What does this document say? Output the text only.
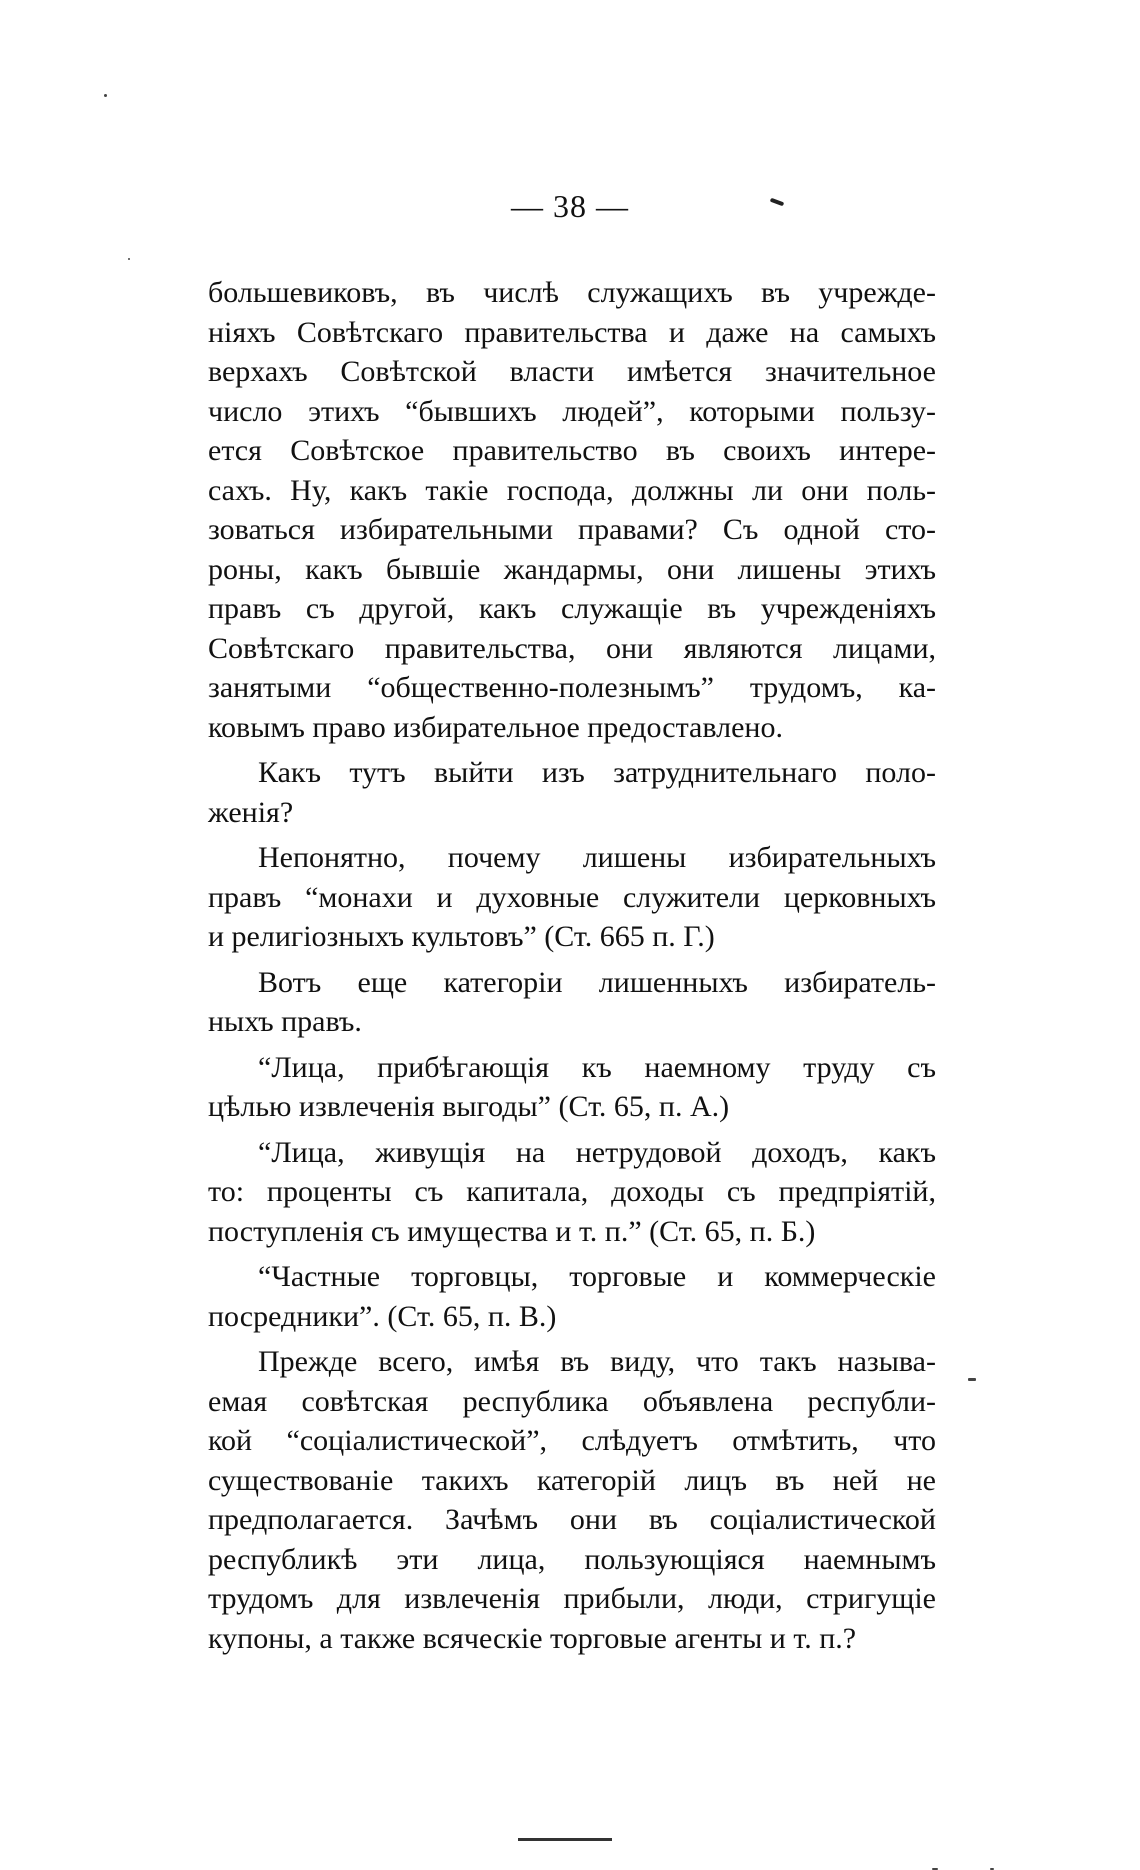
— 38 —

большевиковъ, въ числѣ служащихъ въ учрежде-
ніяхъ Совѣтскаго правительства и даже на самыхъ
верхахъ Совѣтской власти имѣется значительное
число этихъ “бывшихъ людей”, которыми пользу-
ется Совѣтское правительство въ своихъ интере-
сахъ. Ну, какъ такіе господа, должны ли они поль-
зоваться избирательными правами? Съ одной сто-
роны, какъ бывшіе жандармы, они лишены этихъ
правъ съ другой, какъ служащіе въ учрежденіяхъ
Совѣтскаго правительства, они являются лицами,
занятыми “общественно-полезнымъ” трудомъ, ка-
ковымъ право избирательное предоставлено.

Какъ тутъ выйти изъ затруднительнаго поло-
женія?

Непонятно, почему лишены избирательныхъ
правъ “монахи и духовные служители церковныхъ
и религіозныхъ культовъ” (Ст. 665 п. Г.)

Вотъ еще категоріи лишенныхъ избиратель-
ныхъ правъ.

“Лица, прибѣгающія къ наемному труду съ
цѣлью извлеченія выгоды” (Ст. 65, п. А.)

“Лица, живущія на нетрудовой доходъ, какъ
то: проценты съ капитала, доходы съ предпріятій,
поступленія съ имущества и т. п.” (Ст. 65, п. Б.)

“Частные торговцы, торговые и коммерческіе
посредники”. (Ст. 65, п. В.)

Прежде всего, имѣя въ виду, что такъ называ-
емая совѣтская республика объявлена республи-
кой “соціалистической”, слѣдуетъ отмѣтить, что
существованіе такихъ категорій лицъ въ ней не
предполагается. Зачѣмъ они въ соціалистической
республикѣ эти лица, пользующіяся наемнымъ
трудомъ для извлеченія прибыли, люди, стригущіе
купоны, а также всяческіе торговые агенты и т. п.?
